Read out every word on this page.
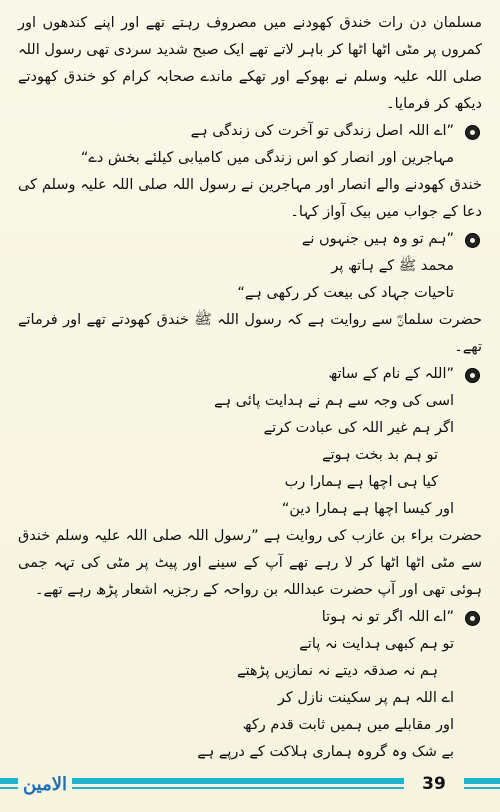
مسلمان دن رات خندق کھودنے میں مصروف رہتے تھے اور اپنے کندھوں اور کمروں پر مٹی اٹھا اٹھا کر باہر لاتے تھے ایک صبح شدید سردی تھی رسول اللہ صلی اللہ علیہ وسلم نے بھوکے اور تھکے ماندے صحابہ کرام کو خندق کھودتے دیکھ کر فرمایا۔

”اے اللہ اصل زندگی تو آخرت کی زندگی ہے
مہاجرین اور انصار کو اس زندگی میں کامیابی کیلئے بخش دے“

خندق کھودنے والے انصار اور مہاجرین نے رسول اللہ صلی اللہ علیہ وسلم کی دعا کے جواب میں بیک آواز کہا۔

”ہم تو وہ ہیں جنہوں نے
محمد ﷺ کے ہاتھ پر
تاحیات جہاد کی بیعت کر رکھی ہے“

حضرت سلمانؓ سے روایت ہے کہ رسول اللہ ﷺ خندق کھودتے تھے اور فرماتے تھے۔

”اللہ کے نام کے ساتھ
اسی کی وجہ سے ہم نے ہدایت پائی ہے
اگر ہم غیر اللہ کی عبادت کرتے
تو ہم بد بخت ہوتے
کیا ہی اچھا ہے ہمارا رب
اور کیسا اچھا ہے ہمارا دین“

حضرت براء بن عازب کی روایت ہے ”رسول اللہ صلی اللہ علیہ وسلم خندق سے مٹی اٹھا اٹھا کر لا رہے تھے آپ کے سینے اور پیٹ پر مٹی کی تہہ جمی ہوئی تھی اور آپ حضرت عبداللہ بن رواحہ کے رجزیہ اشعار پڑھ رہے تھے۔

”اے اللہ اگر تو نہ ہوتا
تو ہم کبھی ہدایت نہ پاتے
ہم نہ صدقہ دیتے نہ نمازیں پڑھتے
اے اللہ ہم پر سکینت نازل کر
اور مقابلے میں ہمیں ثابت قدم رکھ
بے شک وہ گروہ ہماری ہلاکت کے درپے ہے
الامین	39
